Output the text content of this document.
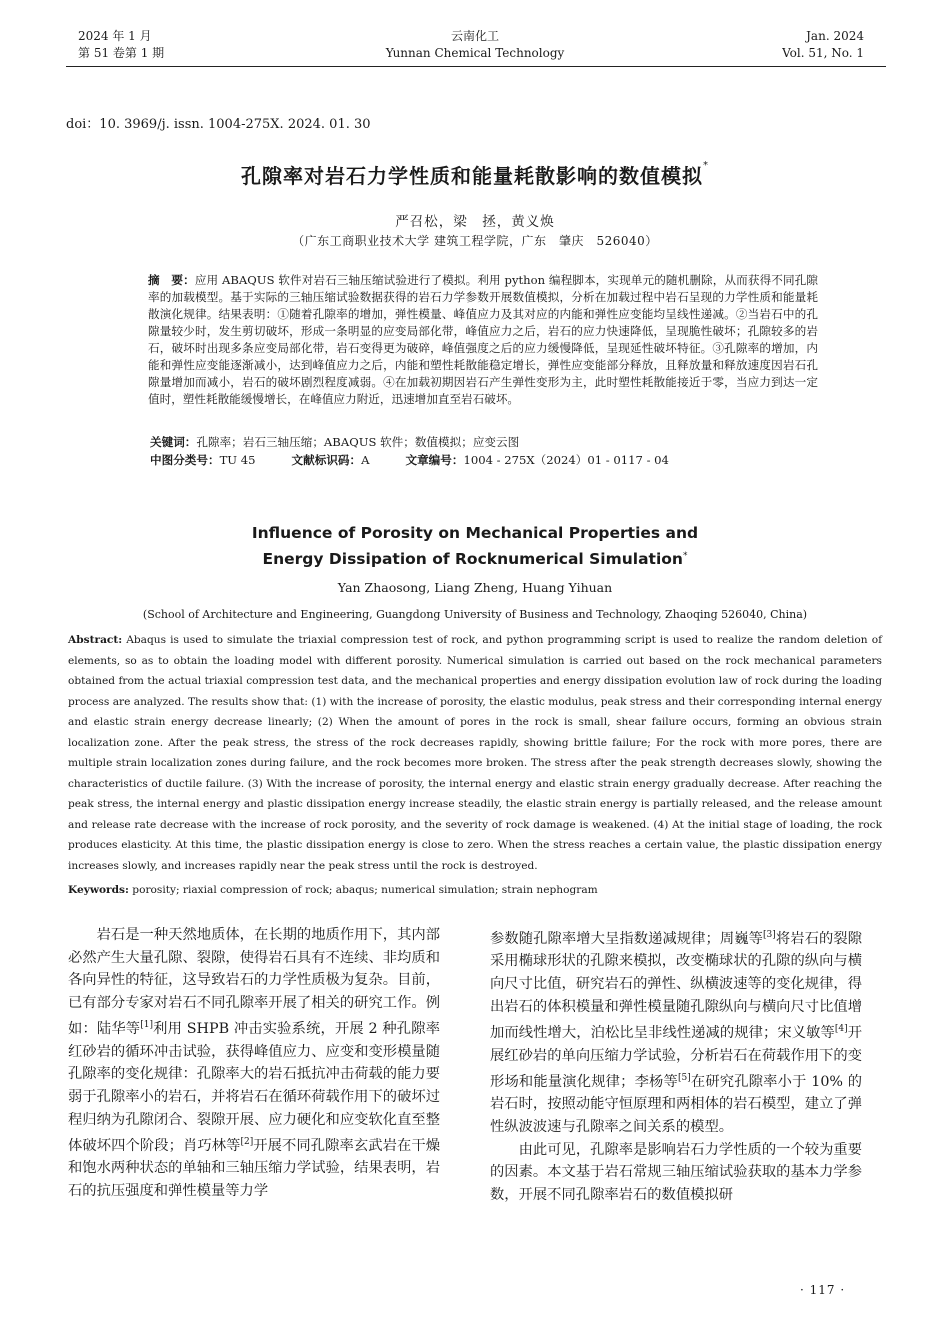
2024 年 1 月
第 51 卷第 1 期
云南化工
Yunnan Chemical Technology
Jan. 2024
Vol. 51, No. 1
doi：10. 3969/j. issn. 1004-275X. 2024. 01. 30
孔隙率对岩石力学性质和能量耗散影响的数值模拟*
严召松，梁　拯，黄义焕
（广东工商职业技术大学 建筑工程学院，广东　肇庆　526040）
摘　要：应用 ABAQUS 软件对岩石三轴压缩试验进行了模拟。利用 python 编程脚本，实现单元的随机删除，从而获得不同孔隙率的加载模型。基于实际的三轴压缩试验数据获得的岩石力学参数开展数值模拟，分析在加载过程中岩石呈现的力学性质和能量耗散演化规律。结果表明：①随着孔隙率的增加，弹性模量、峰值应力及其对应的内能和弹性应变能均呈线性递减。②当岩石中的孔隙量较少时，发生剪切破坏，形成一条明显的应变局部化带，峰值应力之后，岩石的应力快速降低，呈现脆性破坏；孔隙较多的岩石，破坏时出现多条应变局部化带，岩石变得更为破碎，峰值强度之后的应力缓慢降低，呈现延性破坏特征。③孔隙率的增加，内能和弹性应变能逐渐减小，达到峰值应力之后，内能和塑性耗散能稳定增长，弹性应变能部分释放，且释放量和释放速度因岩石孔隙量增加而减小，岩石的破坏剧烈程度减弱。④在加载初期因岩石产生弹性变形为主，此时塑性耗散能接近于零，当应力到达一定值时，塑性耗散能缓慢增长，在峰值应力附近，迅速增加直至岩石破坏。
关键词：孔隙率；岩石三轴压缩；ABAQUS 软件；数值模拟；应变云图
中图分类号：TU 45	文献标识码：A	文章编号：1004 - 275X（2024）01 - 0117 - 04
Influence of Porosity on Mechanical Properties and
Energy Dissipation of Rocknumerical Simulation*
Yan Zhaosong, Liang Zheng, Huang Yihuan
(School of Architecture and Engineering, Guangdong University of Business and Technology, Zhaoqing 526040, China)
Abstract: Abaqus is used to simulate the triaxial compression test of rock, and python programming script is used to realize the random deletion of elements, so as to obtain the loading model with different porosity. Numerical simulation is carried out based on the rock mechanical parameters obtained from the actual triaxial compression test data, and the mechanical properties and energy dissipation evolution law of rock during the loading process are analyzed. The results show that: (1) with the increase of porosity, the elastic modulus, peak stress and their corresponding internal energy and elastic strain energy decrease linearly; (2) When the amount of pores in the rock is small, shear failure occurs, forming an obvious strain localization zone. After the peak stress, the stress of the rock decreases rapidly, showing brittle failure; For the rock with more pores, there are multiple strain localization zones during failure, and the rock becomes more broken. The stress after the peak strength decreases slowly, showing the characteristics of ductile failure. (3) With the increase of porosity, the internal energy and elastic strain energy gradually decrease. After reaching the peak stress, the internal energy and plastic dissipation energy increase steadily, the elastic strain energy is partially released, and the release amount and release rate decrease with the increase of rock porosity, and the severity of rock damage is weakened. (4) At the initial stage of loading, the rock produces elasticity. At this time, the plastic dissipation energy is close to zero. When the stress reaches a certain value, the plastic dissipation energy increases slowly, and increases rapidly near the peak stress until the rock is destroyed.
Keywords: porosity; riaxial compression of rock; abaqus; numerical simulation; strain nephogram

岩石是一种天然地质体，在长期的地质作用下，其内部必然产生大量孔隙、裂隙，使得岩石具有不连续、非均质和各向异性的特征，这导致岩石的力学性质极为复杂。目前，已有部分专家对岩石不同孔隙率开展了相关的研究工作。例如：陆华等[1]利用 SHPB 冲击实验系统，开展 2 种孔隙率红砂岩的循环冲击试验，获得峰值应力、应变和变形模量随孔隙率的变化规律：孔隙率大的岩石抵抗冲击荷载的能力要弱于孔隙率小的岩石，并将岩石在循环荷载作用下的破坏过程归纳为孔隙闭合、裂隙开展、应力硬化和应变软化直至整体破坏四个阶段；肖巧林等[2]开展不同孔隙率玄武岩在干燥和饱水两种状态的单轴和三轴压缩力学试验，结果表明，岩石的抗压强度和弹性模量等力学

参数随孔隙率增大呈指数递减规律；周巍等[3]将岩石的裂隙采用椭球形状的孔隙来模拟，改变椭球状的孔隙的纵向与横向尺寸比值，研究岩石的弹性、纵横波速等的变化规律，得出岩石的体积模量和弹性模量随孔隙纵向与横向尺寸比值增加而线性增大，泊松比呈非线性递减的规律；宋义敏等[4]开展红砂岩的单向压缩力学试验，分析岩石在荷载作用下的变形场和能量演化规律；李杨等[5]在研究孔隙率小于 10% 的岩石时，按照动能守恒原理和两相体的岩石模型，建立了弹性纵波波速与孔隙率之间关系的模型。

由此可见，孔隙率是影响岩石力学性质的一个较为重要的因素。本文基于岩石常规三轴压缩试验获取的基本力学参数，开展不同孔隙率岩石的数值模拟研

· 117 ·
